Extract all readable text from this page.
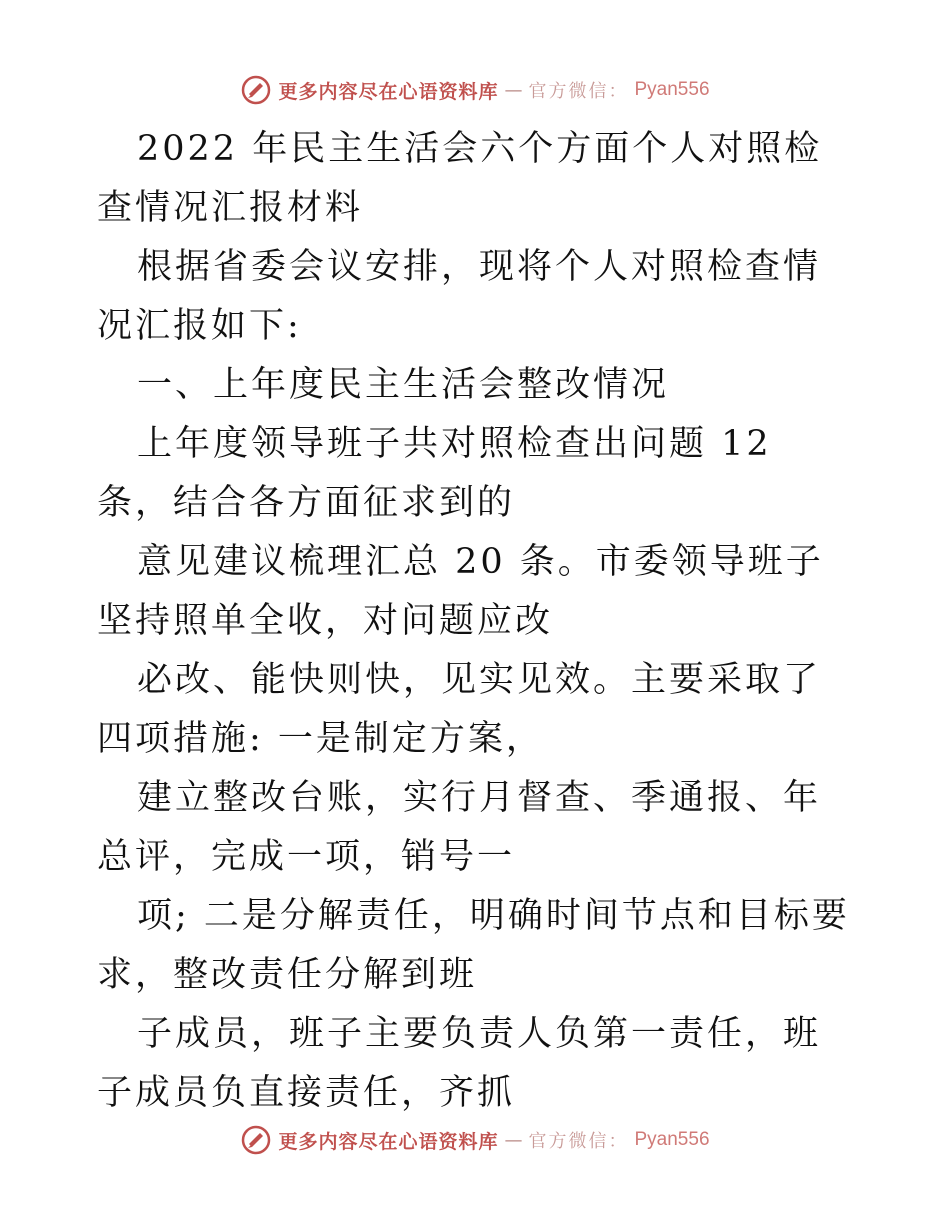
更多内容尽在心语资料库 — 官方微信： Pyan556

2022 年民主生活会六个方面个人对照检查情况汇报材料

根据省委会议安排，现将个人对照检查情况汇报如下:

一、上年度民主生活会整改情况

上年度领导班子共对照检查出问题 12 条，结合各方面征求到的

意见建议梳理汇总 20 条。市委领导班子坚持照单全收，对问题应改

必改、能快则快，见实见效。主要采取了四项措施: 一是制定方案，

建立整改台账，实行月督查、季通报、年总评，完成一项，销号一

项; 二是分解责任，明确时间节点和目标要求，整改责任分解到班

子成员，班子主要负责人负第一责任，班子成员负直接责任，齐抓

更多内容尽在心语资料库 — 官方微信： Pyan556
